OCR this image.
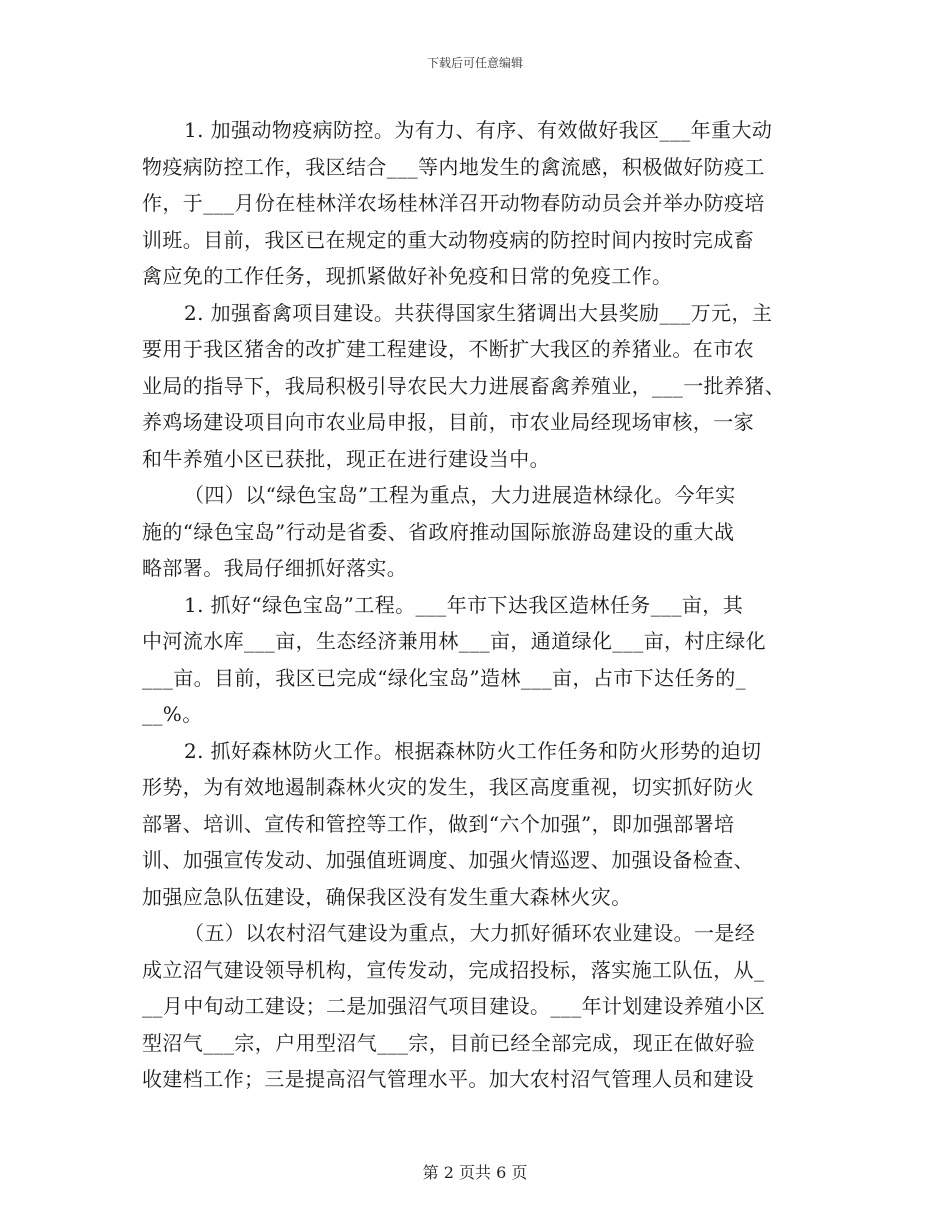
下载后可任意编辑
1. 加强动物疫病防控。为有力、有序、有效做好我区___年重大动
物疫病防控工作，我区结合___等内地发生的禽流感，积极做好防疫工
作，于___月份在桂林洋农场桂林洋召开动物春防动员会并举办防疫培
训班。目前，我区已在规定的重大动物疫病的防控时间内按时完成畜
禽应免的工作任务，现抓紧做好补免疫和日常的免疫工作。
2. 加强畜禽项目建设。共获得国家生猪调出大县奖励___万元，主
要用于我区猪舍的改扩建工程建设，不断扩大我区的养猪业。在市农
业局的指导下，我局积极引导农民大力进展畜禽养殖业，___一批养猪、
养鸡场建设项目向市农业局申报，目前，市农业局经现场审核，一家
和牛养殖小区已获批，现正在进行建设当中。
（四）以“绿色宝岛”工程为重点，大力进展造林绿化。今年实
施的“绿色宝岛”行动是省委、省政府推动国际旅游岛建设的重大战
略部署。我局仔细抓好落实。
1. 抓好“绿色宝岛”工程。___年市下达我区造林任务___亩，其
中河流水库___亩，生态经济兼用林___亩，通道绿化___亩，村庄绿化
___亩。目前，我区已完成“绿化宝岛”造林___亩，占市下达任务的_
__%。
2. 抓好森林防火工作。根据森林防火工作任务和防火形势的迫切
形势，为有效地遏制森林火灾的发生，我区高度重视，切实抓好防火
部署、培训、宣传和管控等工作，做到“六个加强”，即加强部署培
训、加强宣传发动、加强值班调度、加强火情巡逻、加强设备检查、
加强应急队伍建设，确保我区没有发生重大森林火灾。
（五）以农村沼气建设为重点，大力抓好循环农业建设。一是经
成立沼气建设领导机构，宣传发动，完成招投标，落实施工队伍，从_
__月中旬动工建设；二是加强沼气项目建设。___年计划建设养殖小区
型沼气___宗，户用型沼气___宗，目前已经全部完成，现正在做好验
收建档工作；三是提高沼气管理水平。加大农村沼气管理人员和建设
第 2 页共 6 页
